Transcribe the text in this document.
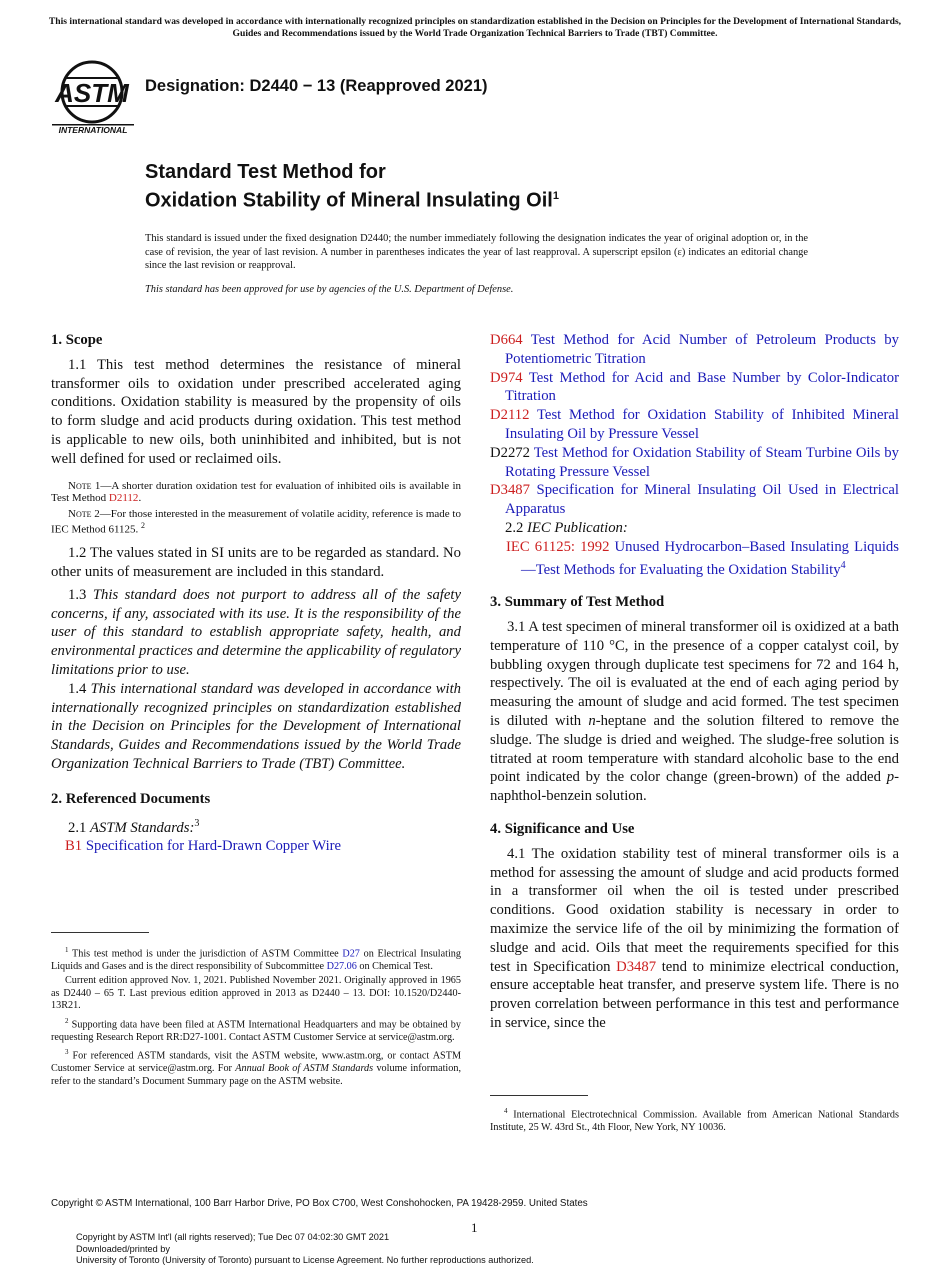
This international standard was developed in accordance with internationally recognized principles on standardization established in the Decision on Principles for the Development of International Standards, Guides and Recommendations issued by the World Trade Organization Technical Barriers to Trade (TBT) Committee.
ASTM
INTERNATIONAL
Designation: D2440 − 13 (Reapproved 2021)
Standard Test Method for
Oxidation Stability of Mineral Insulating Oil$^1$

This standard is issued under the fixed designation D2440; the number immediately following the designation indicates the year of original adoption or, in the case of revision, the year of last revision. A number in parentheses indicates the year of last reapproval. A superscript epsilon (ε) indicates an editorial change since the last revision or reapproval.

This standard has been approved for use by agencies of the U.S. Department of Defense.

1. Scope

1.1 This test method determines the resistance of mineral transformer oils to oxidation under prescribed accelerated aging conditions. Oxidation stability is measured by the propensity of oils to form sludge and acid products during oxidation. This test method is applicable to new oils, both uninhibited and inhibited, but is not well defined for used or reclaimed oils.

Note 1—A shorter duration oxidation test for evaluation of inhibited oils is available in Test Method D2112.

Note 2—For those interested in the measurement of volatile acidity, reference is made to IEC Method 61125. $^2$

1.2 The values stated in SI units are to be regarded as standard. No other units of measurement are included in this standard.

1.3 This standard does not purport to address all of the safety concerns, if any, associated with its use. It is the responsibility of the user of this standard to establish appropriate safety, health, and environmental practices and determine the applicability of regulatory limitations prior to use.

1.4 This international standard was developed in accordance with internationally recognized principles on standardization established in the Decision on Principles for the Development of International Standards, Guides and Recommendations issued by the World Trade Organization Technical Barriers to Trade (TBT) Committee.

2. Referenced Documents

2.1 ASTM Standards:$^3$

B1 Specification for Hard-Drawn Copper Wire

$^1$ This test method is under the jurisdiction of ASTM Committee D27 on Electrical Insulating Liquids and Gases and is the direct responsibility of Subcommittee D27.06 on Chemical Test.

Current edition approved Nov. 1, 2021. Published November 2021. Originally approved in 1965 as D2440 – 65 T. Last previous edition approved in 2013 as D2440 – 13. DOI: 10.1520/D2440-13R21.

$^2$ Supporting data have been filed at ASTM International Headquarters and may be obtained by requesting Research Report RR:D27-1001. Contact ASTM Customer Service at service@astm.org.

$^3$ For referenced ASTM standards, visit the ASTM website, www.astm.org, or contact ASTM Customer Service at service@astm.org. For Annual Book of ASTM Standards volume information, refer to the standard’s Document Summary page on the ASTM website.

D664 Test Method for Acid Number of Petroleum Products by Potentiometric Titration

D974 Test Method for Acid and Base Number by Color-Indicator Titration

D2112 Test Method for Oxidation Stability of Inhibited Mineral Insulating Oil by Pressure Vessel

D2272 Test Method for Oxidation Stability of Steam Turbine Oils by Rotating Pressure Vessel

D3487 Specification for Mineral Insulating Oil Used in Electrical Apparatus

2.2 IEC Publication:

IEC 61125: 1992 Unused Hydrocarbon–Based Insulating Liquids—Test Methods for Evaluating the Oxidation Stability$^4$

3. Summary of Test Method

3.1 A test specimen of mineral transformer oil is oxidized at a bath temperature of 110 °C, in the presence of a copper catalyst coil, by bubbling oxygen through duplicate test specimens for 72 and 164 h, respectively. The oil is evaluated at the end of each aging period by measuring the amount of sludge and acid formed. The test specimen is diluted with n-heptane and the solution filtered to remove the sludge. The sludge is dried and weighed. The sludge-free solution is titrated at room temperature with standard alcoholic base to the end point indicated by the color change (green-brown) of the added p-naphthol-benzein solution.

4. Significance and Use

4.1 The oxidation stability test of mineral transformer oils is a method for assessing the amount of sludge and acid products formed in a transformer oil when the oil is tested under prescribed conditions. Good oxidation stability is necessary in order to maximize the service life of the oil by minimizing the formation of sludge and acid. Oils that meet the requirements specified for this test in Specification D3487 tend to minimize electrical conduction, ensure acceptable heat transfer, and preserve system life. There is no proven correlation between performance in this test and performance in service, since the

$^4$ International Electrotechnical Commission. Available from American National Standards Institute, 25 W. 43rd St., 4th Floor, New York, NY 10036.

Copyright © ASTM International, 100 Barr Harbor Drive, PO Box C700, West Conshohocken, PA 19428-2959. United States
1
Copyright by ASTM Int'l (all rights reserved); Tue Dec 07 04:02:30 GMT 2021
Downloaded/printed by
University of Toronto (University of Toronto) pursuant to License Agreement. No further reproductions authorized.
